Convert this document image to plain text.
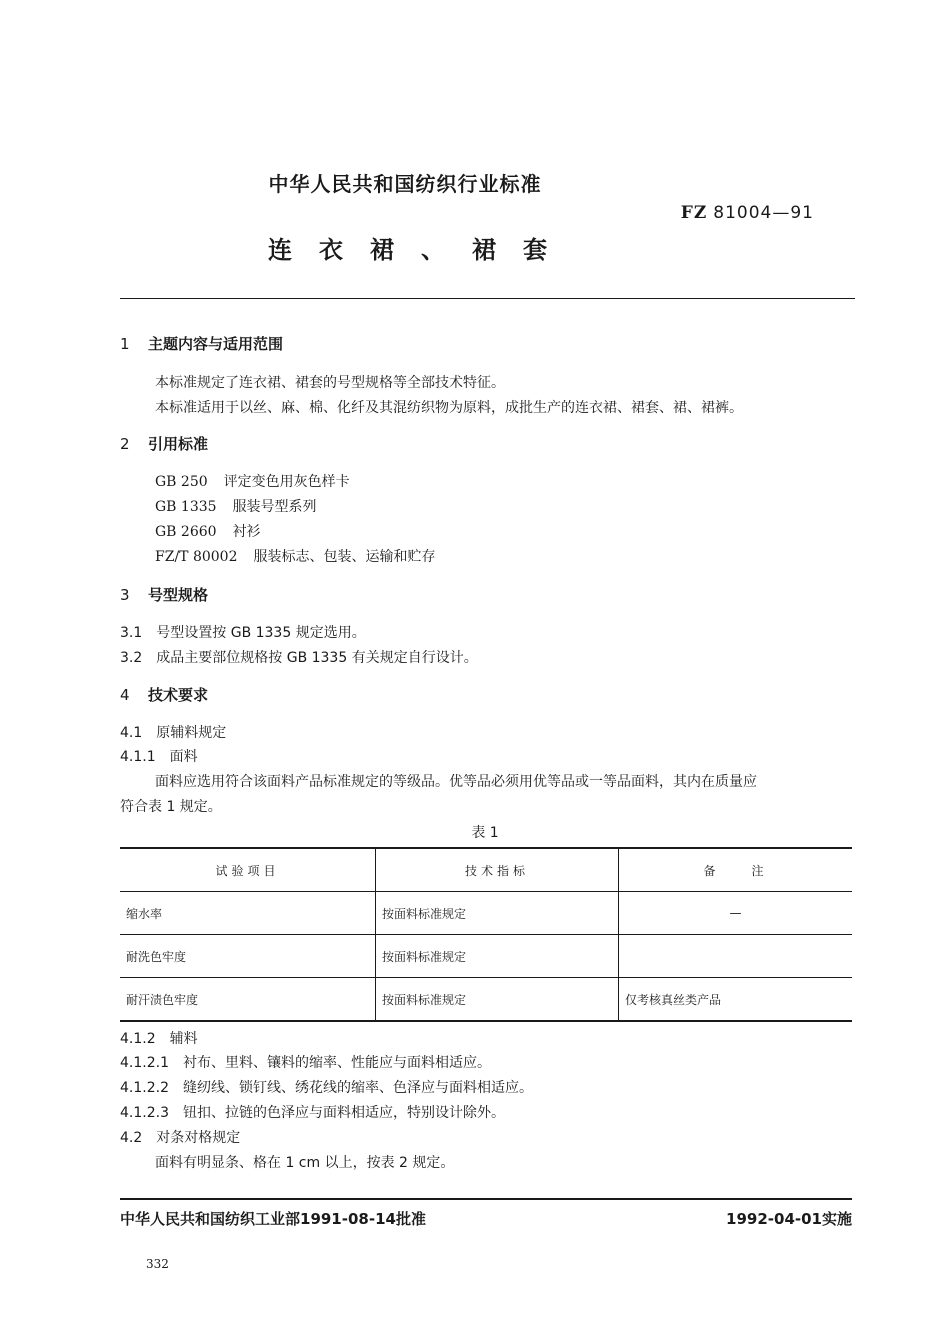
中华人民共和国纺织行业标准
FZ 81004—91
连衣裙、裙套
1 主题内容与适用范围
本标准规定了连衣裙、裙套的号型规格等全部技术特征。
本标准适用于以丝、麻、棉、化纤及其混纺织物为原料，成批生产的连衣裙、裙套、裙、裙裤。
2 引用标准
GB 250 评定变色用灰色样卡
GB 1335 服装号型系列
GB 2660 衬衫
FZ/T 80002 服装标志、包装、运输和贮存
3 号型规格
3.1 号型设置按 GB 1335 规定选用。
3.2 成品主要部位规格按 GB 1335 有关规定自行设计。
4 技术要求
4.1 原辅料规定
4.1.1 面料
面料应选用符合该面料产品标准规定的等级品。优等品必须用优等品或一等品面料，其内在质量应
符合表 1 规定。
表 1
试验项目	技术指标	备　　注
缩水率	按面料标准规定	—
耐洗色牢度	按面料标准规定	
耐汗渍色牢度	按面料标准规定	仅考核真丝类产品
4.1.2 辅料
4.1.2.1 衬布、里料、镶料的缩率、性能应与面料相适应。
4.1.2.2 缝纫线、锁钉线、绣花线的缩率、色泽应与面料相适应。
4.1.2.3 钮扣、拉链的色泽应与面料相适应，特别设计除外。
4.2 对条对格规定
面料有明显条、格在 1 cm 以上，按表 2 规定。
中华人民共和国纺织工业部1991-08-14批准	1992-04-01实施
332
